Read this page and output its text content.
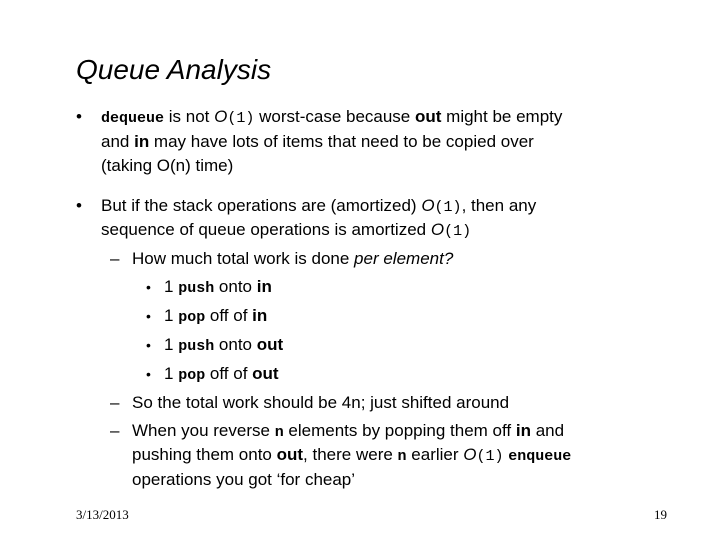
Queue Analysis
• dequeue is not O(1) worst-case because out might be empty
and in may have lots of items that need to be copied over
(taking O(n) time)
• But if the stack operations are (amortized) O(1), then any
sequence of queue operations is amortized O(1)
– How much total work is done per element?
• 1 push onto in
• 1 pop off of in
• 1 push onto out
• 1 pop off of out
– So the total work should be 4n; just shifted around
– When you reverse n elements by popping them off in and
pushing them onto out, there were n earlier O(1) enqueue
operations you got ‘for cheap’
3/13/2013	19
